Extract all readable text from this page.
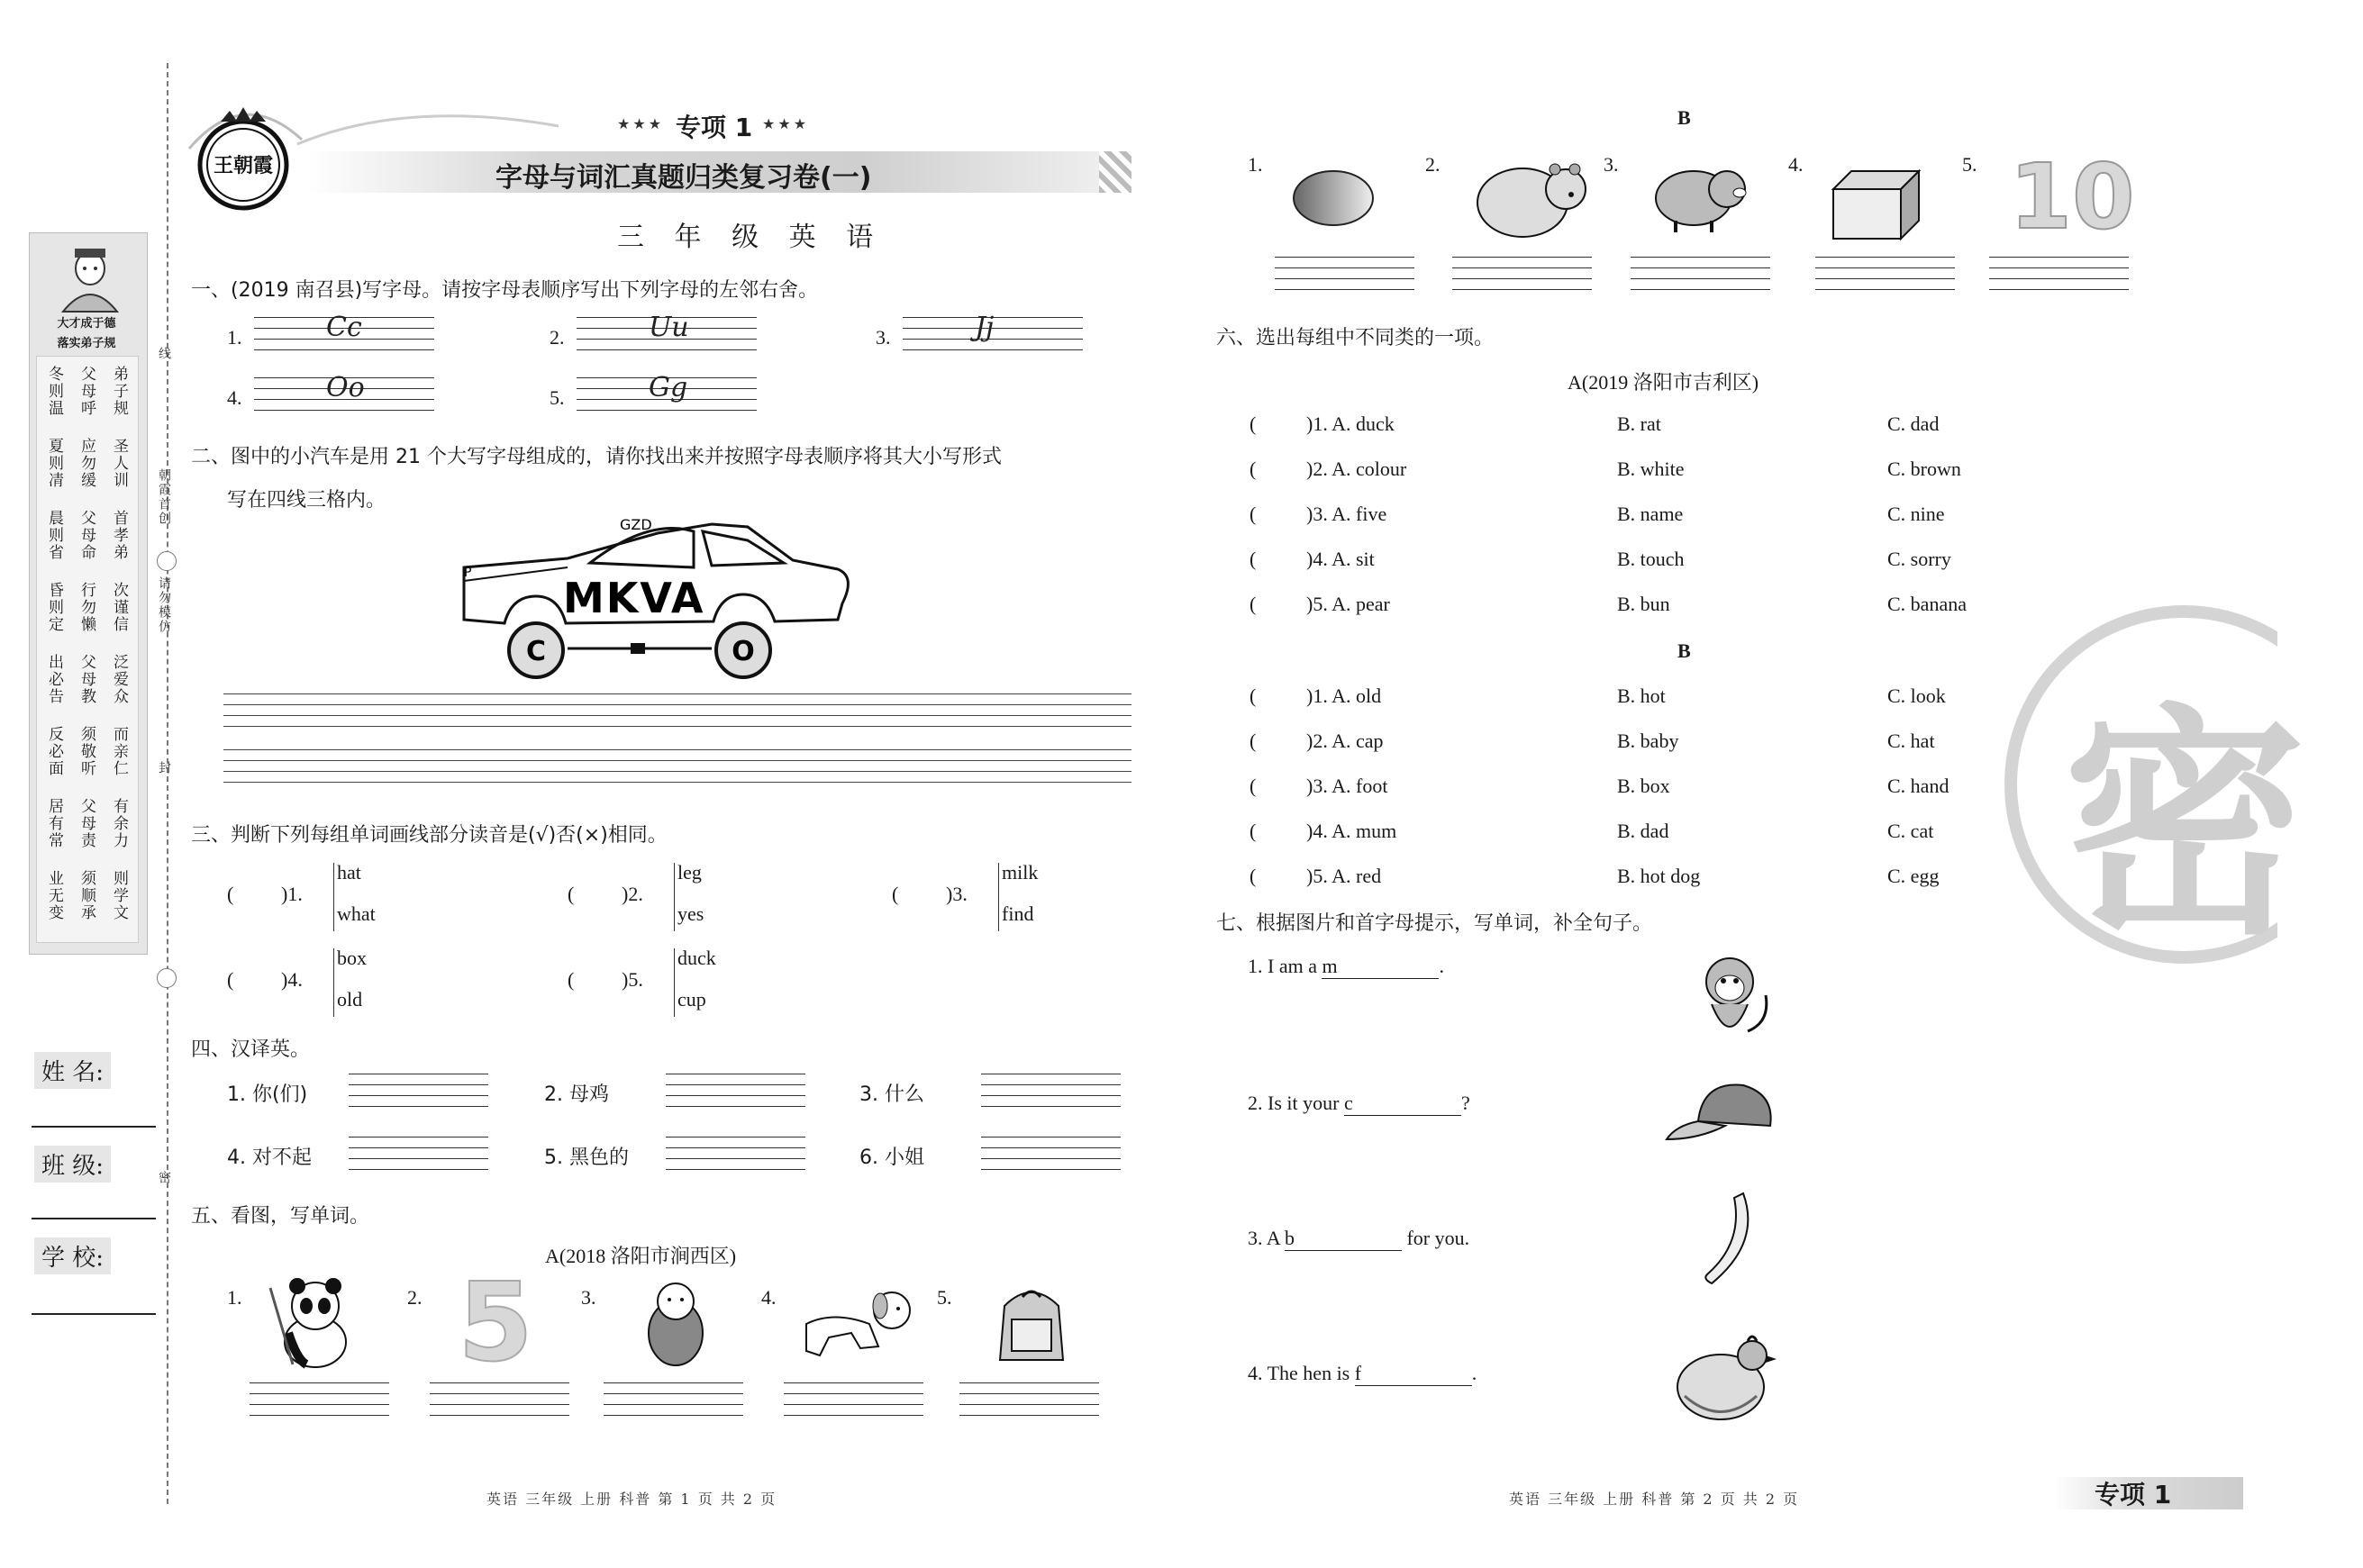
线
朝霞首创
请勿模仿
封
密
大才成于德
落实弟子规
冬则温 父母呼 弟子规
夏则凊 应勿缓 圣人训
晨则省 父母命 首孝弟
昏则定 行勿懒 次谨信
出必告 父母教 泛爱众
反必面 须敬听 而亲仁
居有常 父母责 有余力
业无变 须顺承 则学文
姓 名:
班 级:
学 校:
王朝霞
★★★ 专项 1 ★★★
字母与词汇真题归类复习卷(一)
三 年 级 英 语
一、(2019 南召县)写字母。请按字母表顺序写出下列字母的左邻右舍。
1.	Cc	2.	Uu	3.	Jj
4.	Oo	5.	Gg
二、图中的小汽车是用 21 个大写字母组成的，请你找出来并按照字母表顺序将其大小写形式
写在四线三格内。
P
GZD
MKVA
C	O
三、判断下列每组单词画线部分读音是(√)否(×)相同。
( )1.
hat
what
( )2.
leg
yes
( )3.
milk
find
( )4.
box
old
( )5.
duck
cup
四、汉译英。
1. 你(们)	2. 母鸡	3. 什么
4. 对不起	5. 黑色的	6. 小姐
五、看图，写单词。
A(2018 洛阳市涧西区)
1.	2.	3.	4.	5.
5
B
1.	2.	3.	4.	5. 10
六、选出每组中不同类的一项。
A(2019 洛阳市吉利区)
(	)1. A. duck	B. rat	C. dad
(	)2. A. colour	B. white	C. brown
(	)3. A. five	B. name	C. nine
(	)4. A. sit	B. touch	C. sorry
(	)5. A. pear	B. bun	C. banana
B
(	)1. A. old	B. hot	C. look
(	)2. A. cap	B. baby	C. hat
(	)3. A. foot	B. box	C. hand
(	)4. A. mum	B. dad	C. cat
(	)5. A. red	B. hot dog	C. egg 密
七、根据图片和首字母提示，写单词，补全句子。
1. I am a m	.
2. Is it your c	?
3. A b	for you.
4. The hen is f	.
英语 三年级 上册 科普 第 1 页 共 2 页	英语 三年级 上册 科普 第 2 页 共 2 页	专项 1
